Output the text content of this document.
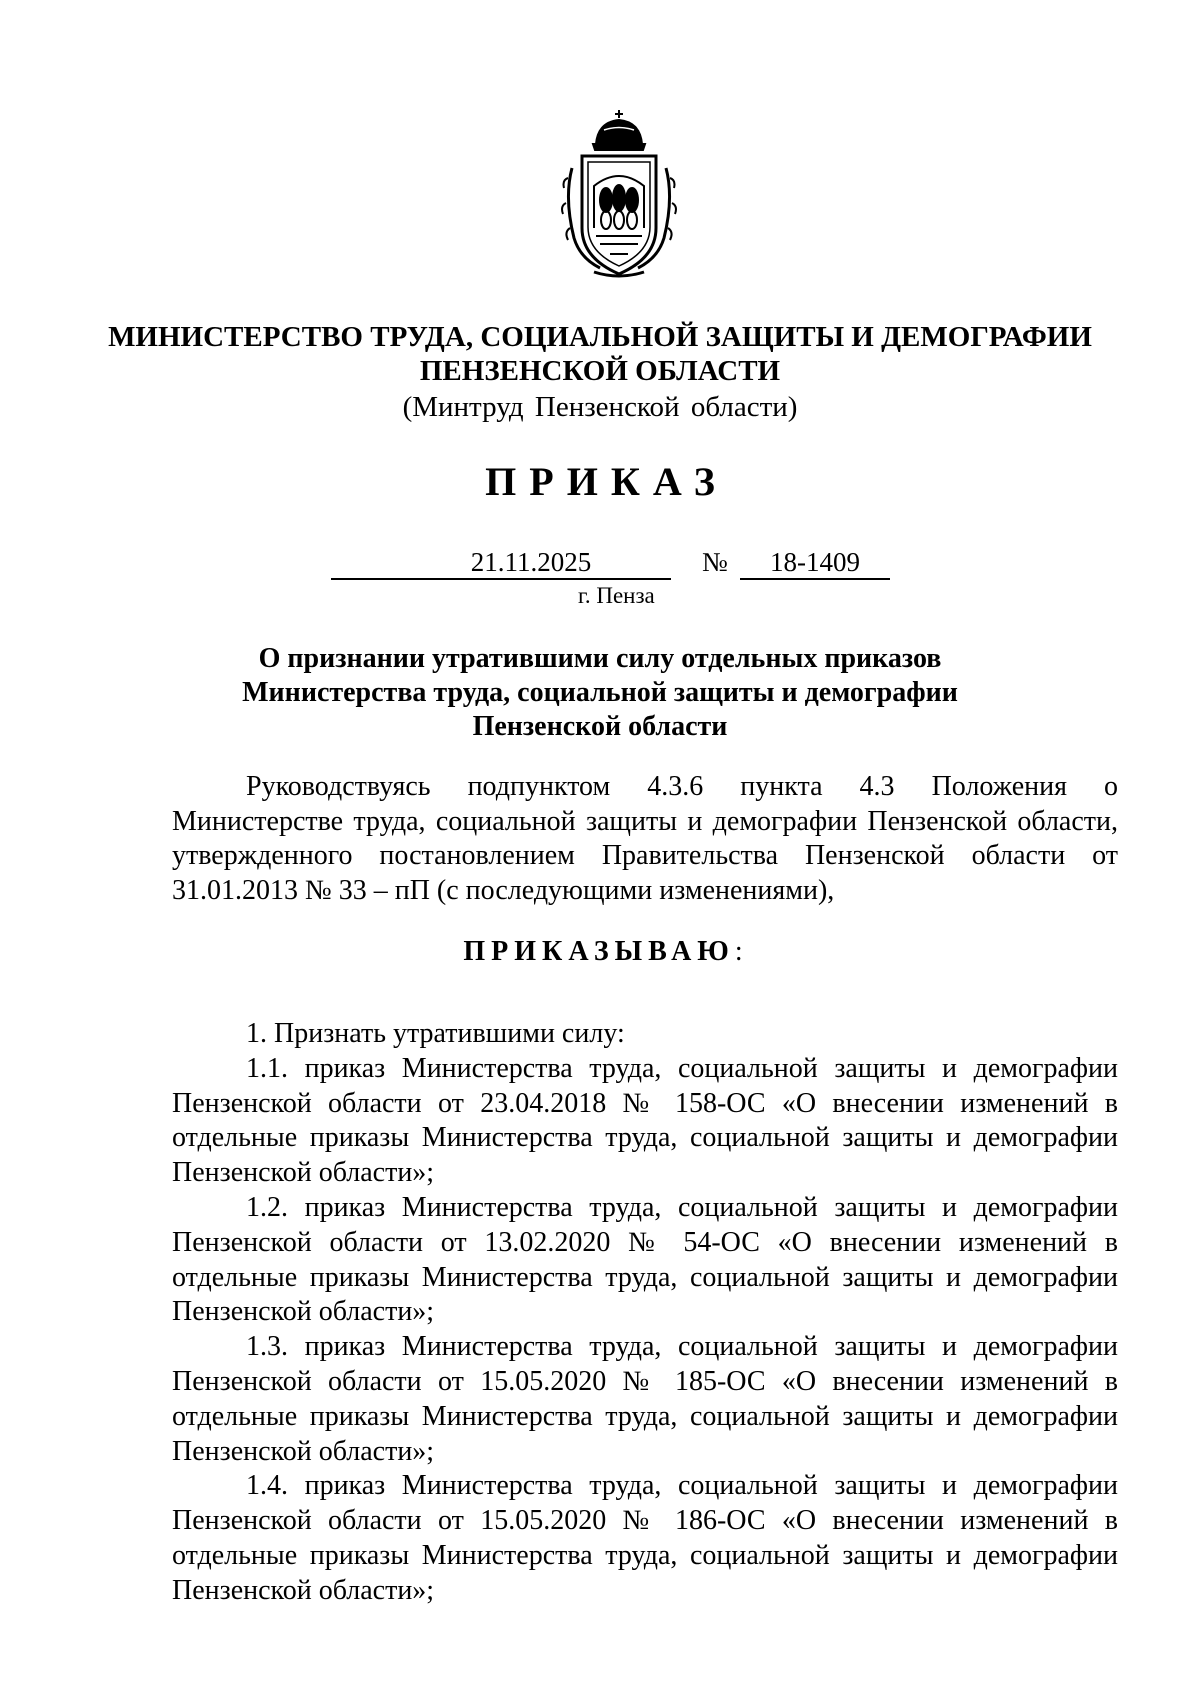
МИНИСТЕРСТВО ТРУДА, СОЦИАЛЬНОЙ ЗАЩИТЫ И ДЕМОГРАФИИ
ПЕНЗЕНСКОЙ ОБЛАСТИ
(Минтруд Пензенской области)
ПРИКАЗ
21.11.2025	№	18-1409
г. Пенза
О признании утратившими силу отдельных приказов
Министерства труда, социальной защиты и демографии
Пензенской области
Руководствуясь подпунктом 4.3.6 пункта 4.3 Положения о
Министерстве труда, социальной защиты и демографии Пензенской области,
утвержденного постановлением Правительства Пензенской области от
31.01.2013 № 33 – пП (с последующими изменениями),
ПРИКАЗЫВАЮ:
1. Признать утратившими силу:
1.1. приказ Министерства труда, социальной защиты и демографии
Пензенской области от 23.04.2018 № 158-ОС «О внесении изменений в
отдельные приказы Министерства труда, социальной защиты и демографии
Пензенской области»;
1.2. приказ Министерства труда, социальной защиты и демографии
Пензенской области от 13.02.2020 № 54-ОС «О внесении изменений в
отдельные приказы Министерства труда, социальной защиты и демографии
Пензенской области»;
1.3. приказ Министерства труда, социальной защиты и демографии
Пензенской области от 15.05.2020 № 185-ОС «О внесении изменений в
отдельные приказы Министерства труда, социальной защиты и демографии
Пензенской области»;
1.4. приказ Министерства труда, социальной защиты и демографии
Пензенской области от 15.05.2020 № 186-ОС «О внесении изменений в
отдельные приказы Министерства труда, социальной защиты и демографии
Пензенской области»;
